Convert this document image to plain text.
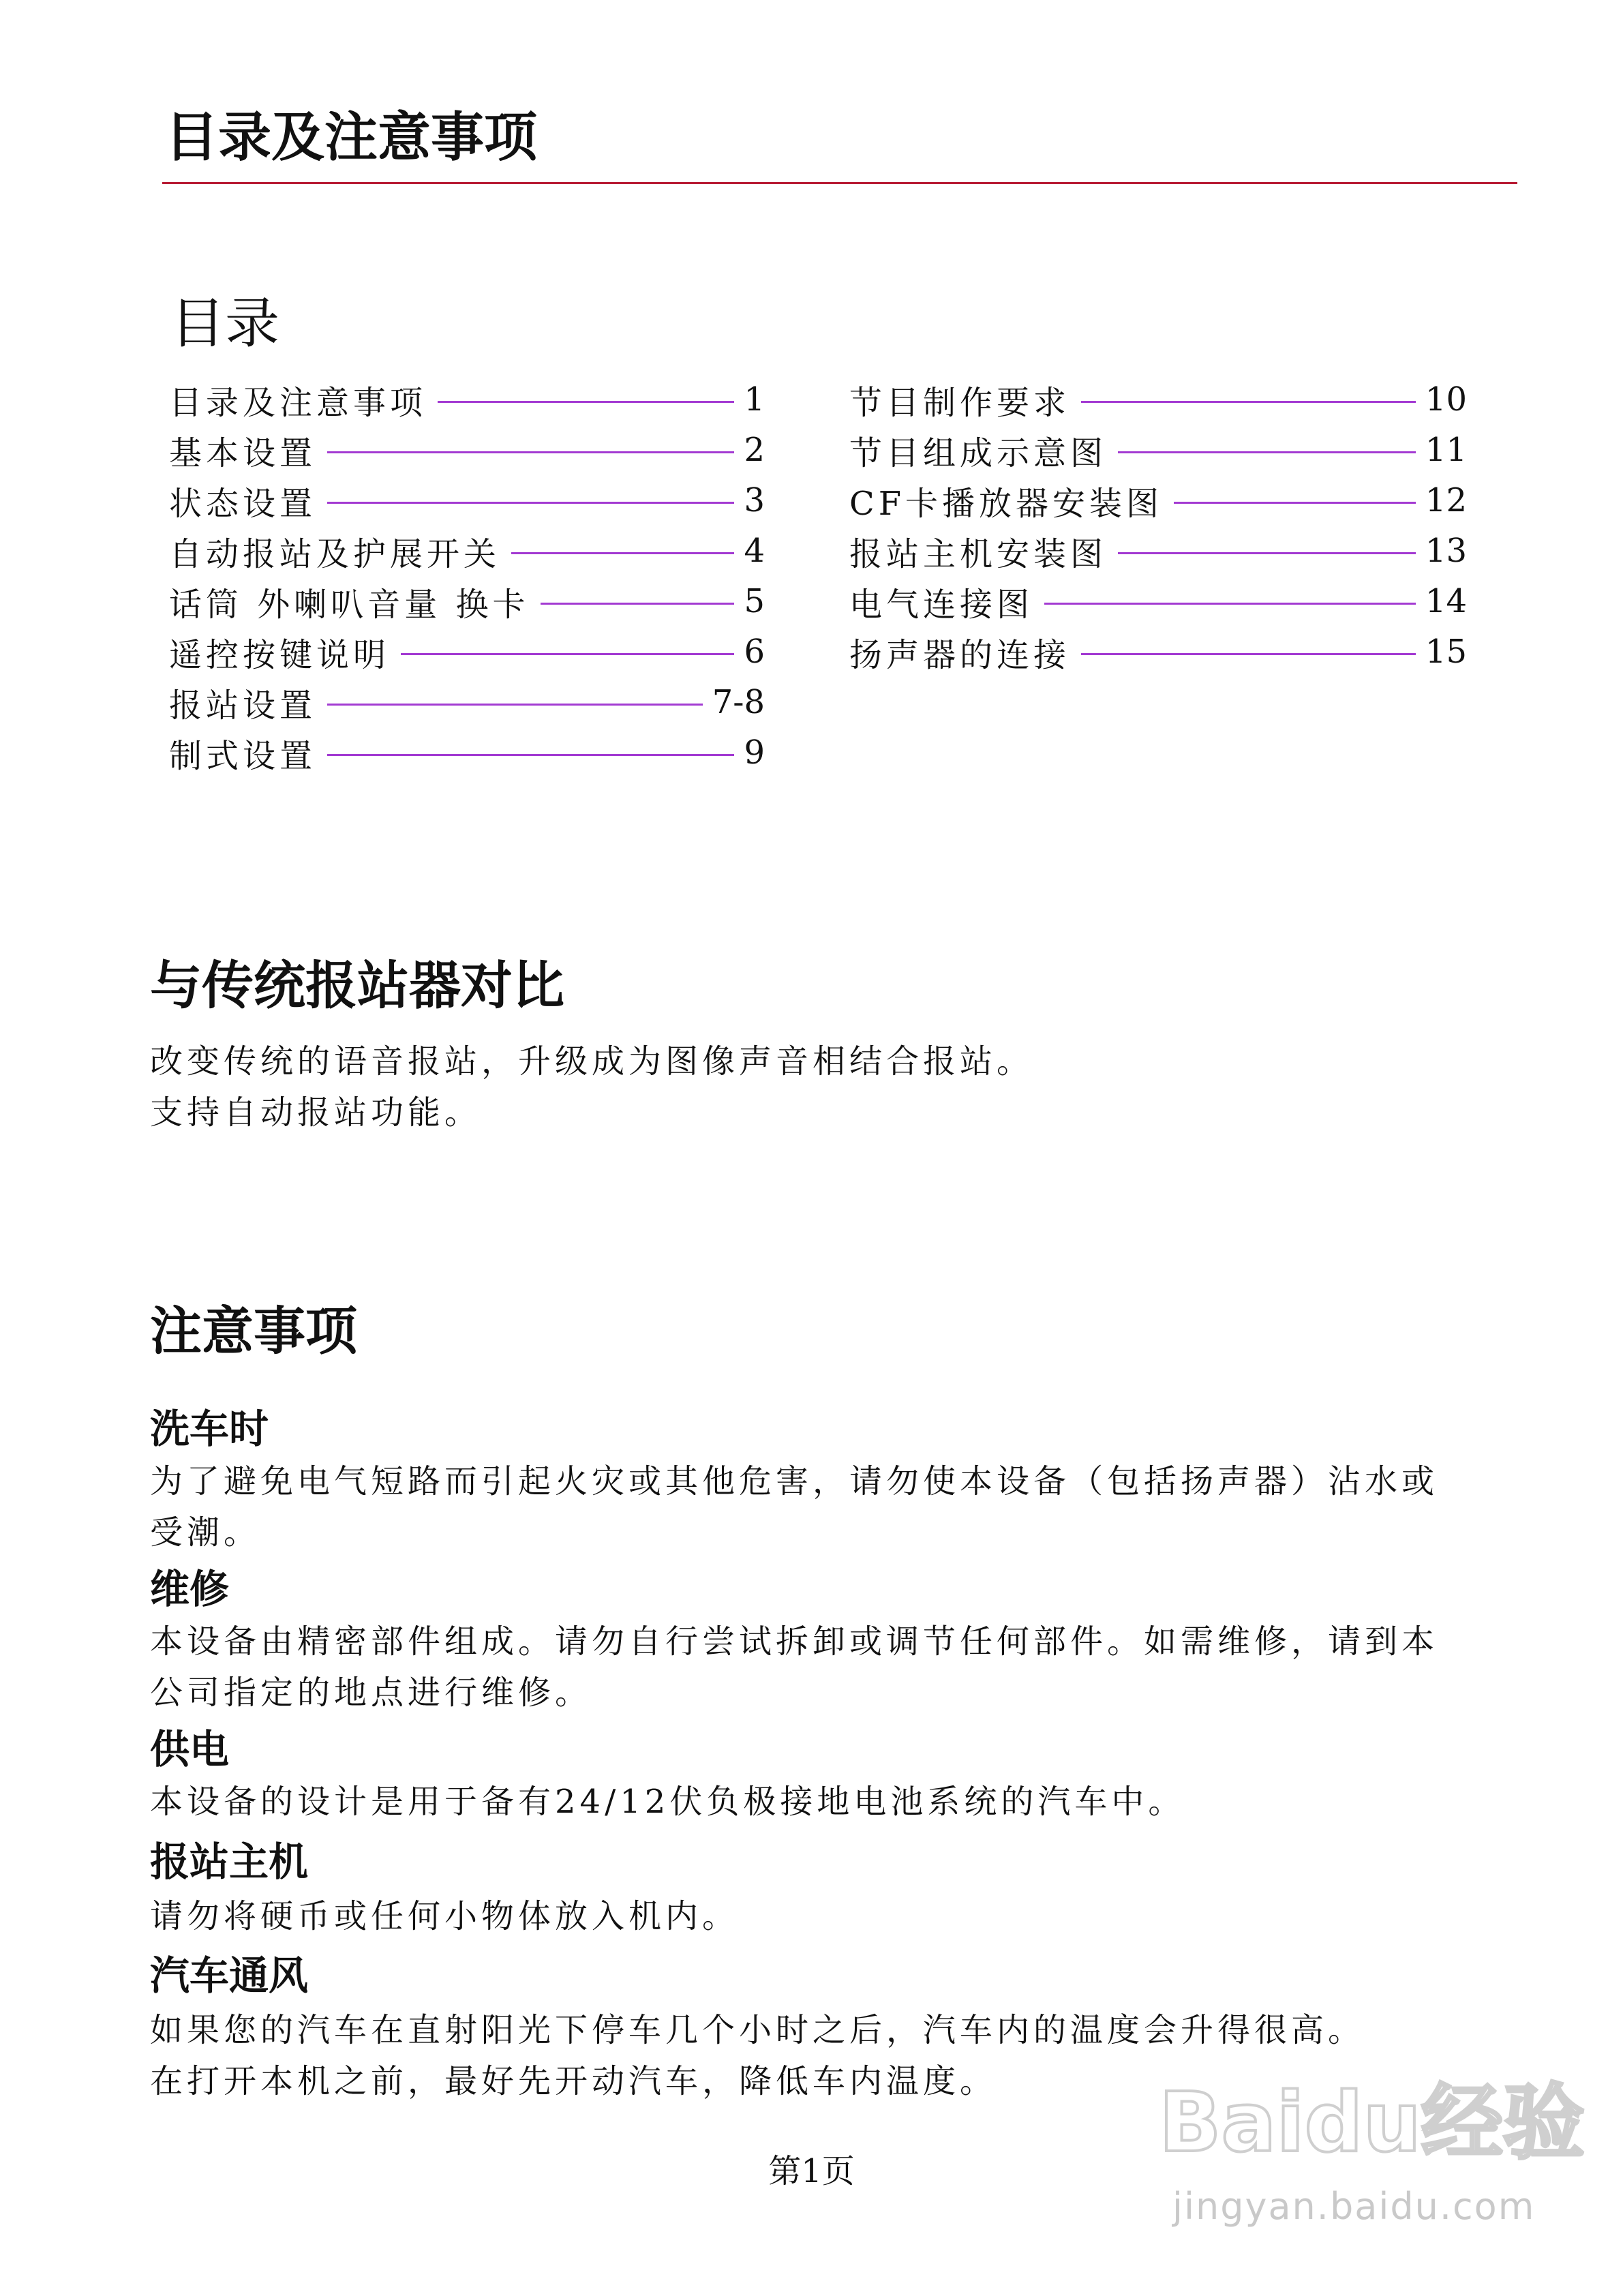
目录及注意事项
目录
目录及注意事项	1
基本设置	2
状态设置	3
自动报站及护展开关	4
话筒 外喇叭音量 换卡	5
遥控按键说明	6
报站设置	7-8
制式设置	9
节目制作要求	10
节目组成示意图	11
CF卡播放器安装图	12
报站主机安装图	13
电气连接图	14
扬声器的连接	15
与传统报站器对比
改变传统的语音报站，升级成为图像声音相结合报站。
支持自动报站功能。
注意事项
洗车时
为了避免电气短路而引起火灾或其他危害，请勿使本设备（包括扬声器）沾水或
受潮。
维修
本设备由精密部件组成。请勿自行尝试拆卸或调节任何部件。如需维修，请到本
公司指定的地点进行维修。
供电
本设备的设计是用于备有24/12伏负极接地电池系统的汽车中。
报站主机
请勿将硬币或任何小物体放入机内。
汽车通风
如果您的汽车在直射阳光下停车几个小时之后，汽车内的温度会升得很高。
在打开本机之前，最好先开动汽车，降低车内温度。
第1页
Baidu经验
jingyan.baidu.com
